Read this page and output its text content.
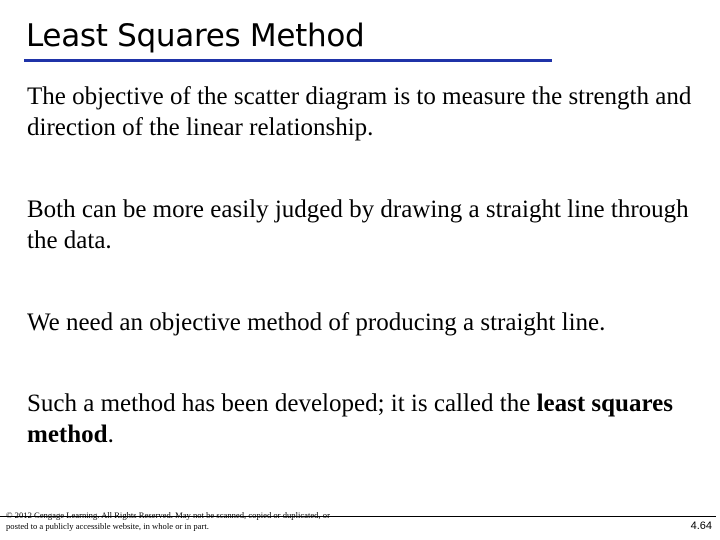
Least Squares Method

The objective of the scatter diagram is to measure the strength and direction of the linear relationship.

Both can be more easily judged by drawing a straight line through the data.

We need an objective method of producing a straight line.

Such a method has been developed; it is called the least squares method.

© 2012 Cengage Learning. All Rights Reserved. May not be scanned, copied or duplicated, or posted to a publicly accessible website, in whole or in part.	4.64
